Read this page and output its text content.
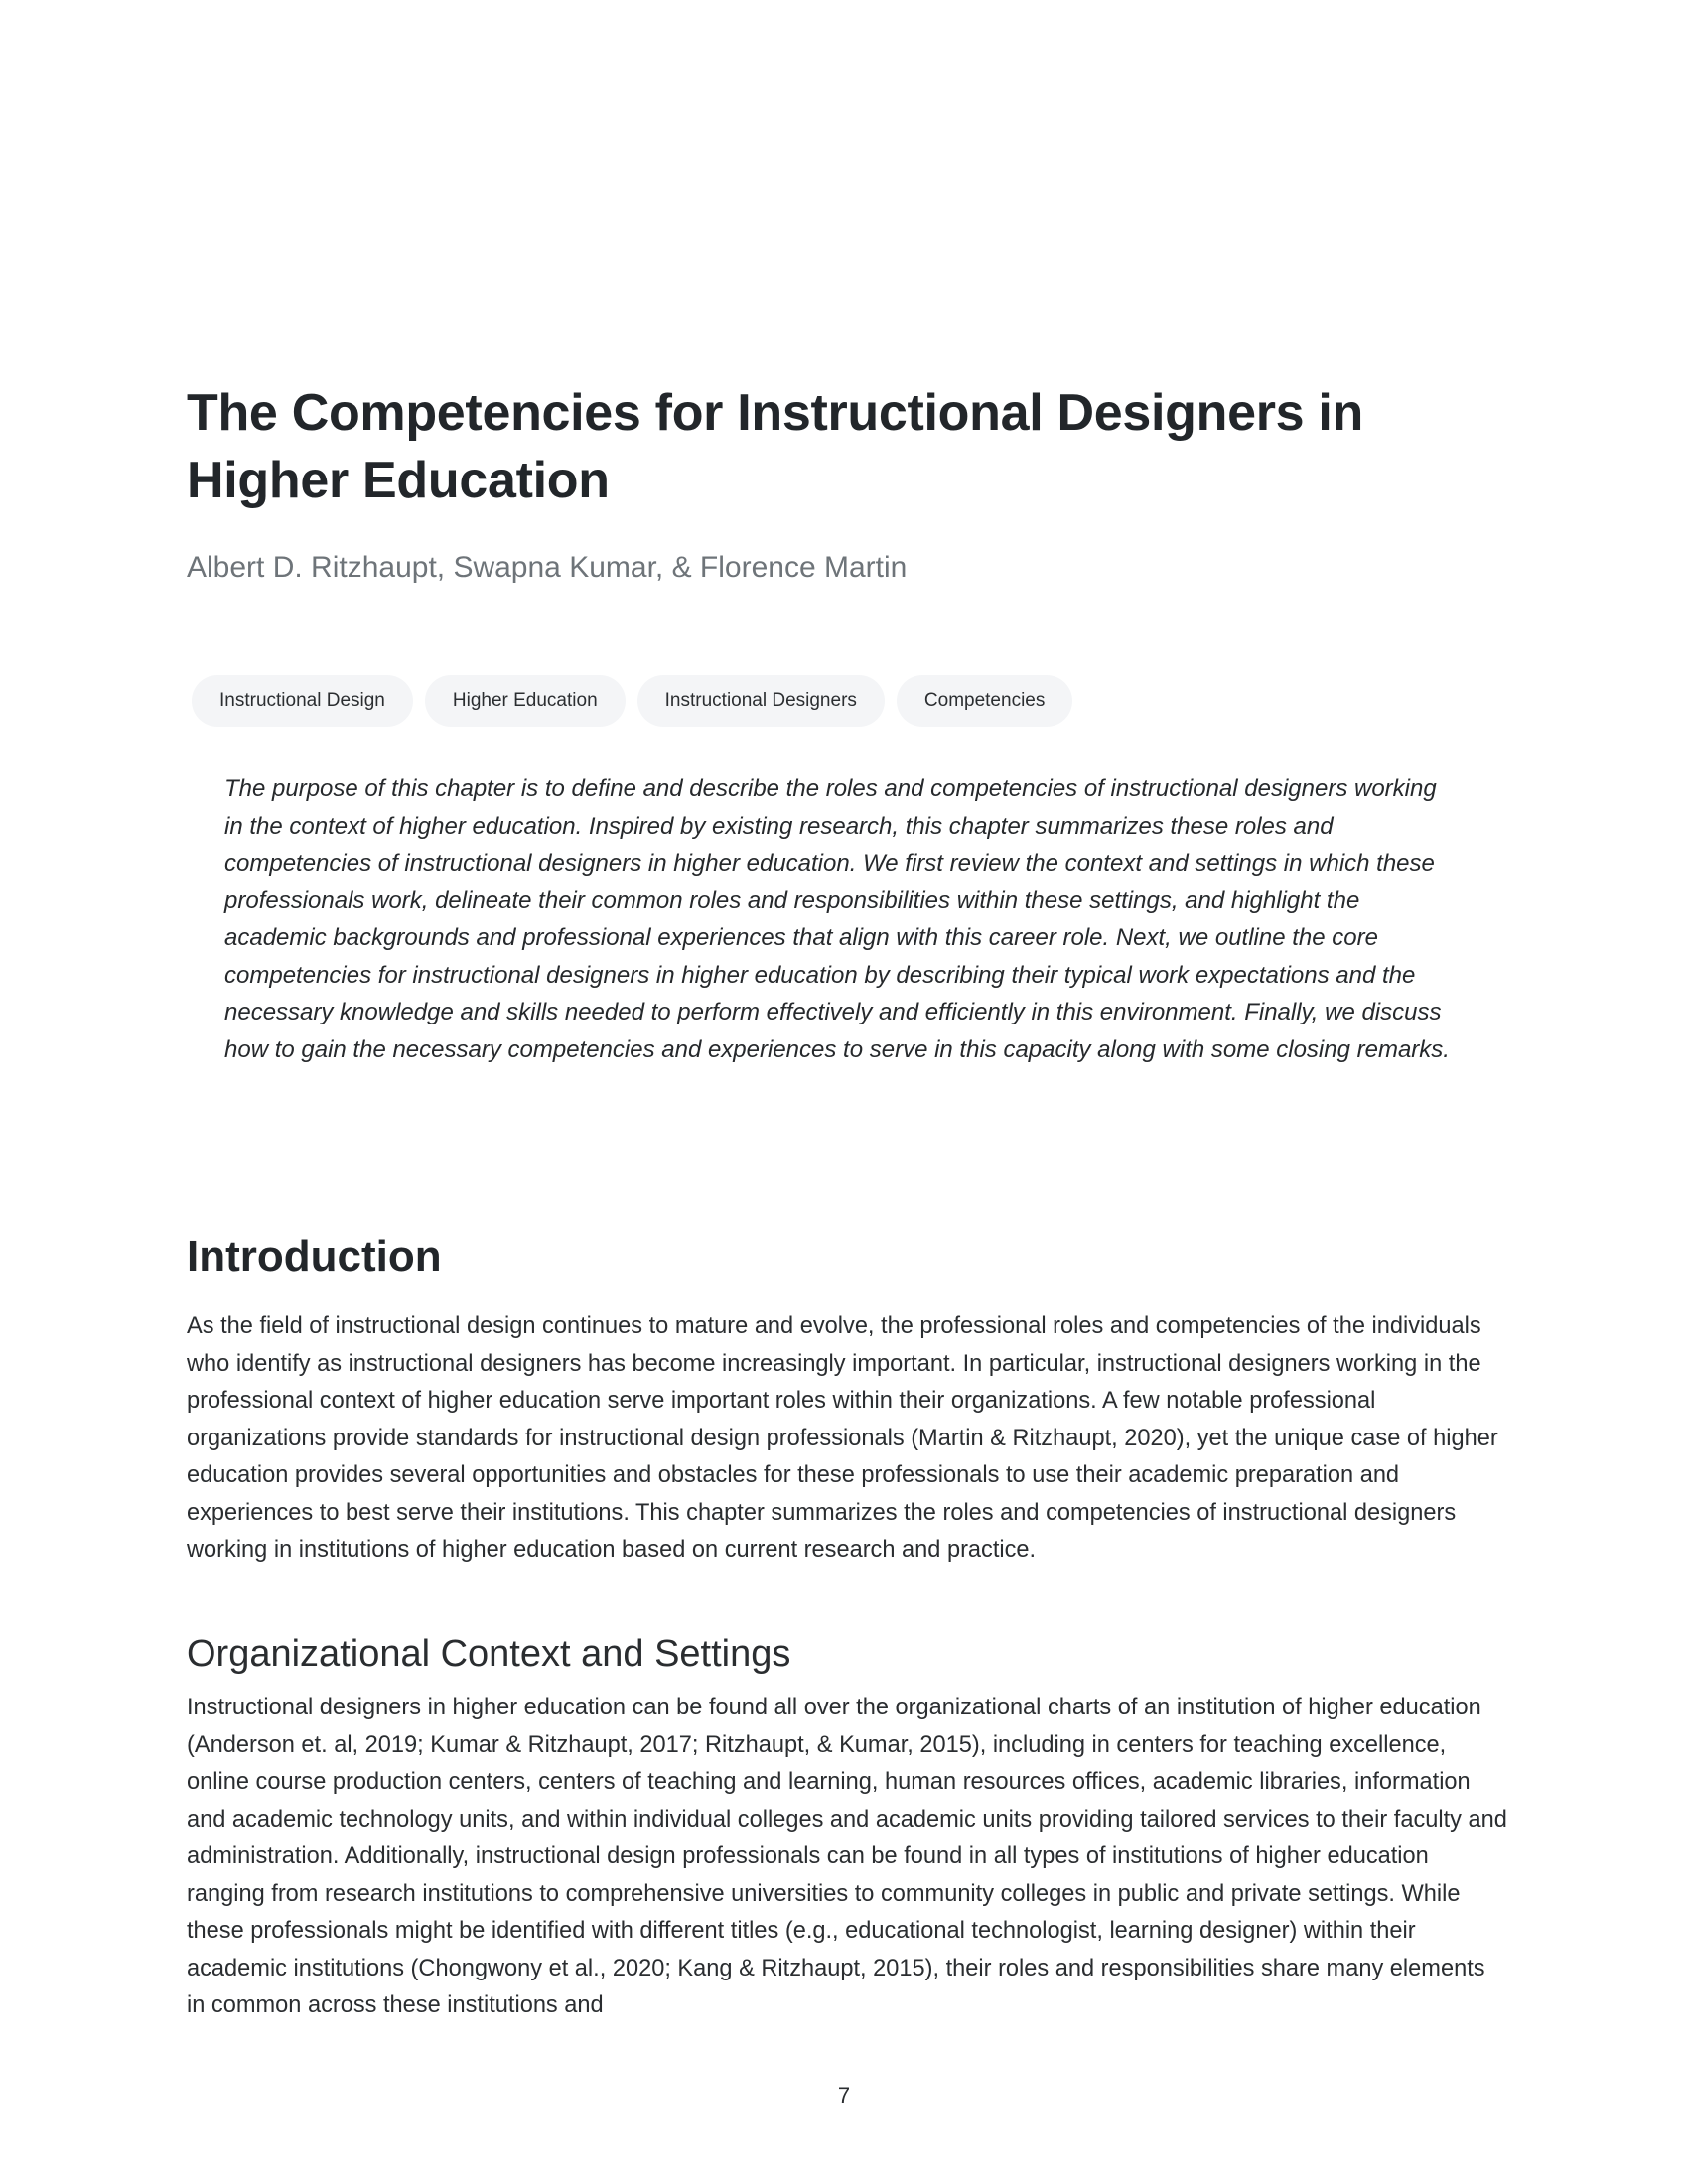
The Competencies for Instructional Designers in Higher Education
Albert D. Ritzhaupt, Swapna Kumar, & Florence Martin
Instructional Design	Higher Education	Instructional Designers	Competencies

The purpose of this chapter is to define and describe the roles and competencies of instructional designers working in the context of higher education. Inspired by existing research, this chapter summarizes these roles and competencies of instructional designers in higher education. We first review the context and settings in which these professionals work, delineate their common roles and responsibilities within these settings, and highlight the academic backgrounds and professional experiences that align with this career role. Next, we outline the core competencies for instructional designers in higher education by describing their typical work expectations and the necessary knowledge and skills needed to perform effectively and efficiently in this environment. Finally, we discuss how to gain the necessary competencies and experiences to serve in this capacity along with some closing remarks.

Introduction

As the field of instructional design continues to mature and evolve, the professional roles and competencies of the individuals who identify as instructional designers has become increasingly important. In particular, instructional designers working in the professional context of higher education serve important roles within their organizations. A few notable professional organizations provide standards for instructional design professionals (Martin & Ritzhaupt, 2020), yet the unique case of higher education provides several opportunities and obstacles for these professionals to use their academic preparation and experiences to best serve their institutions. This chapter summarizes the roles and competencies of instructional designers working in institutions of higher education based on current research and practice.

Organizational Context and Settings

Instructional designers in higher education can be found all over the organizational charts of an institution of higher education (Anderson et. al, 2019; Kumar & Ritzhaupt, 2017; Ritzhaupt, & Kumar, 2015), including in centers for teaching excellence, online course production centers, centers of teaching and learning, human resources offices, academic libraries, information and academic technology units, and within individual colleges and academic units providing tailored services to their faculty and administration. Additionally, instructional design professionals can be found in all types of institutions of higher education ranging from research institutions to comprehensive universities to community colleges in public and private settings. While these professionals might be identified with different titles (e.g., educational technologist, learning designer) within their academic institutions (Chongwony et al., 2020; Kang & Ritzhaupt, 2015), their roles and responsibilities share many elements in common across these institutions and

7
